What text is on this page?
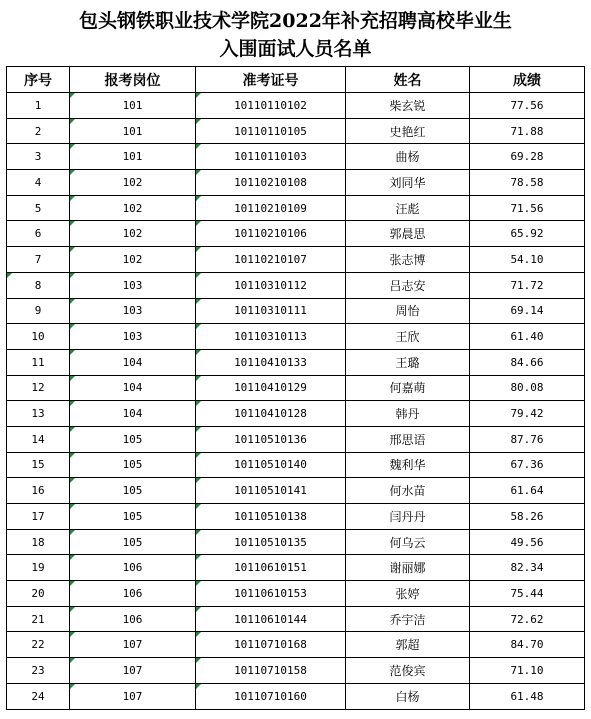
包头钢铁职业技术学院2022年补充招聘高校毕业生
入围面试人员名单
序号	报考岗位	准考证号	姓名	成绩
1	101	10110110102	柴玄锐	77.56
2	101	10110110105	史艳红	71.88
3	101	10110110103	曲杨	69.28
4	102	10110210108	刘同华	78.58
5	102	10110210109	汪彪	71.56
6	102	10110210106	郭晨思	65.92
7	102	10110210107	张志博	54.10
8	103	10110310112	吕志安	71.72
9	103	10110310111	周怡	69.14
10	103	10110310113	王欣	61.40
11	104	10110410133	王璐	84.66
12	104	10110410129	何嘉萌	80.08
13	104	10110410128	韩丹	79.42
14	105	10110510136	邢思语	87.76
15	105	10110510140	魏利华	67.36
16	105	10110510141	何水苗	61.64
17	105	10110510138	闫丹丹	58.26
18	105	10110510135	何乌云	49.56
19	106	10110610151	谢丽娜	82.34
20	106	10110610153	张婷	75.44
21	106	10110610144	乔宇洁	72.62
22	107	10110710168	郭超	84.70
23	107	10110710158	范俊宾	71.10
24	107	10110710160	白杨	61.48
